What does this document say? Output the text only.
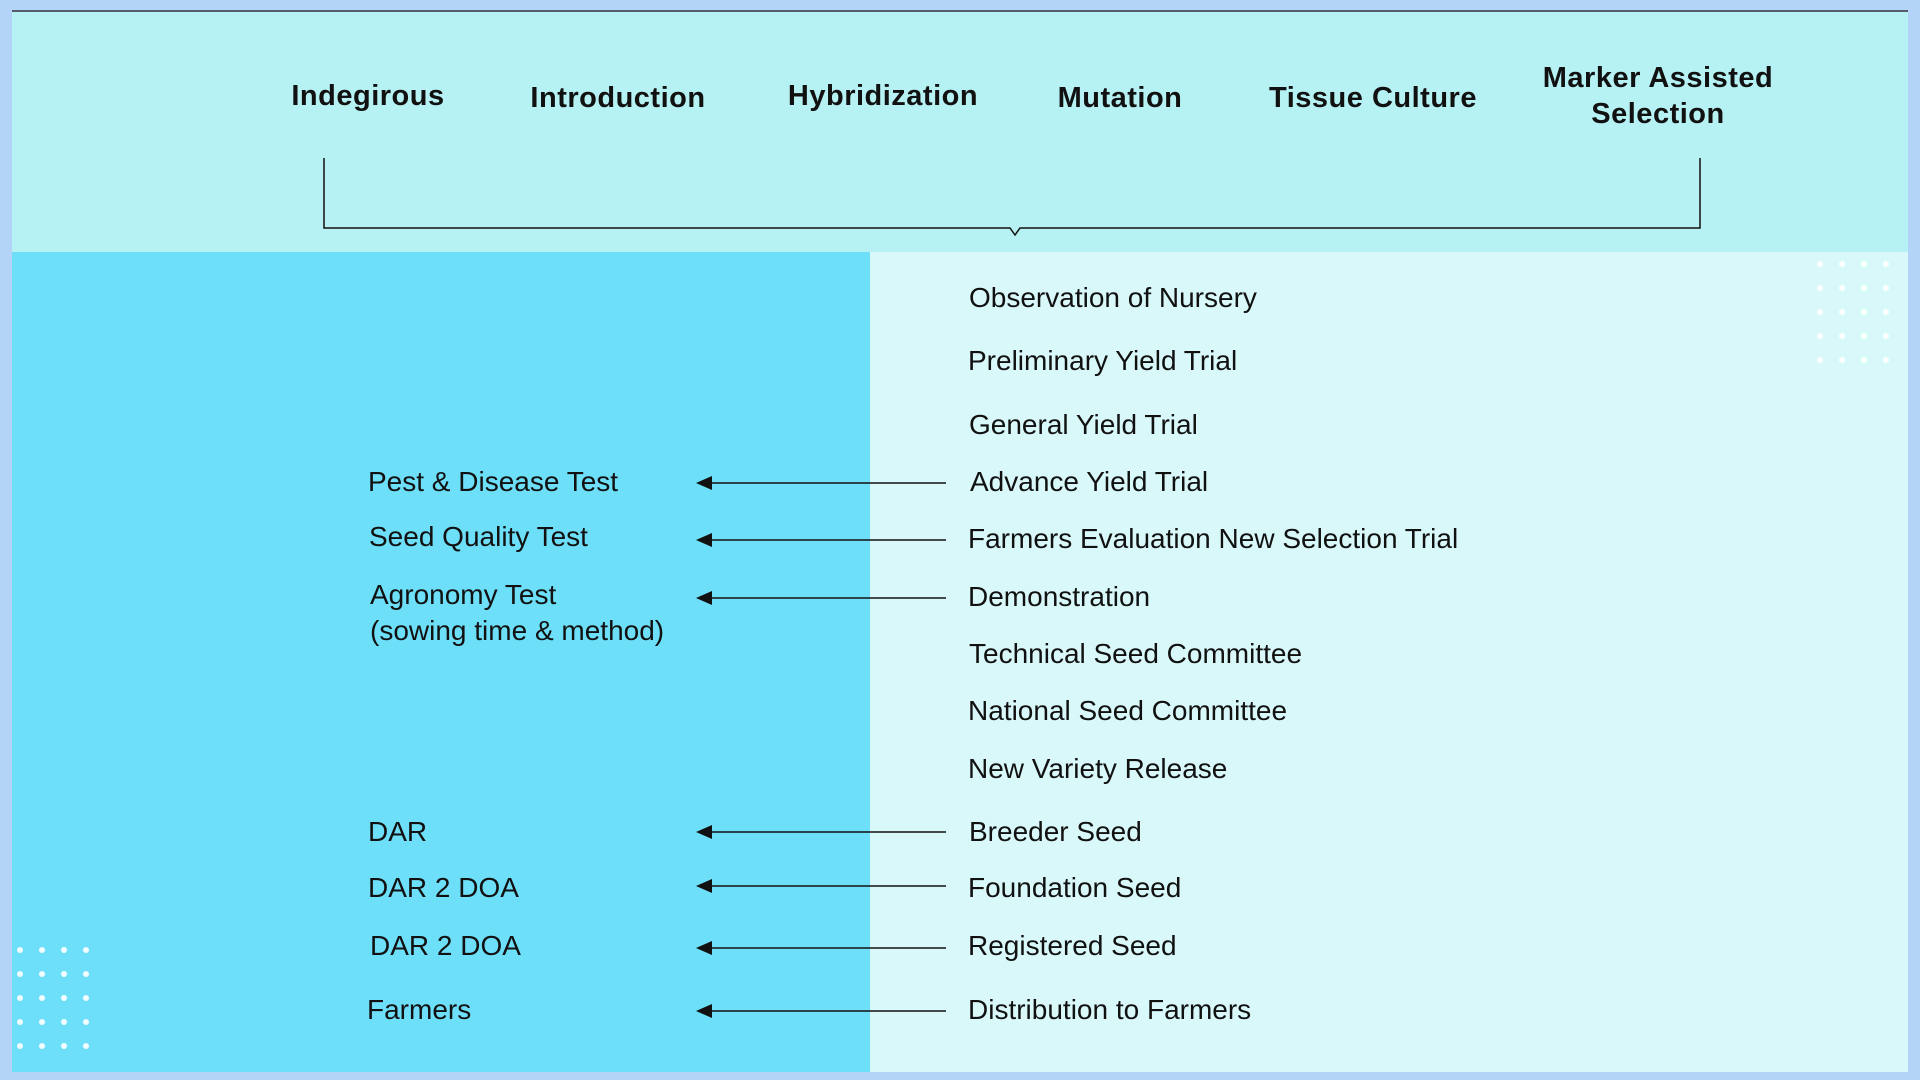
Indegirous	Introduction	Hybridization	Mutation	Tissue Culture
Marker Assisted
Selection
Observation of Nursery
Preliminary Yield Trial
General Yield Trial
Advance Yield Trial
Farmers Evaluation New Selection Trial
Demonstration
Technical Seed Committee
National Seed Committee
New Variety Release
Breeder Seed
Foundation Seed
Registered Seed
Distribution to Farmers
Pest & Disease Test
Seed Quality Test
Agronomy Test
(sowing time & method)
DAR
DAR 2 DOA
DAR 2 DOA
Farmers
